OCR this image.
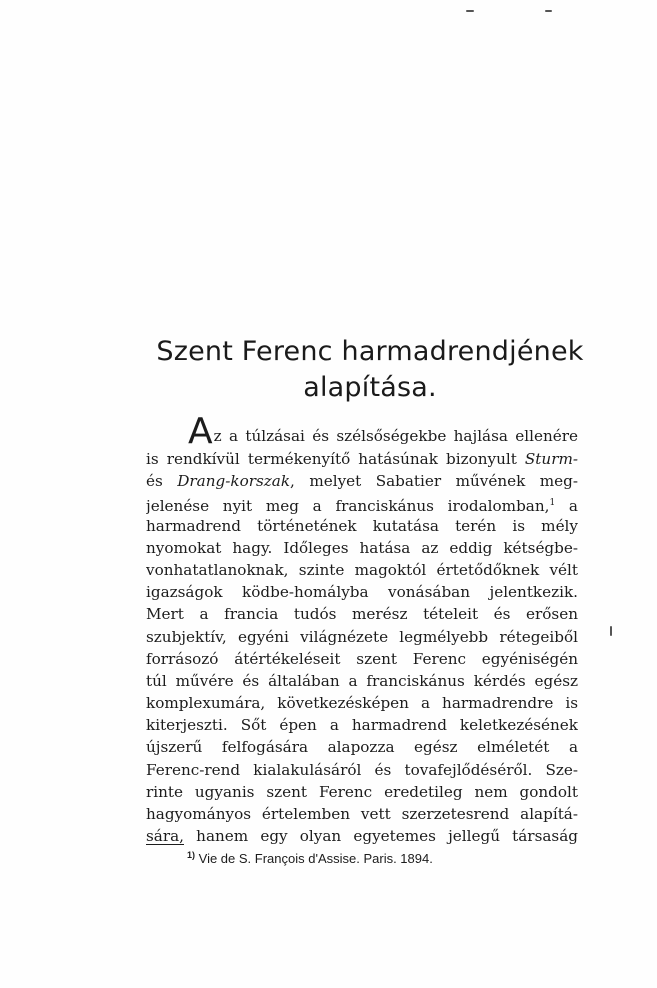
Szent Ferenc harmadrendjének
alapítása.
Az a túlzásai és szélsőségekbe hajlása ellenére
is rendkívül termékenyítő hatásúnak bizonyult Sturm-
és Drang-korszak, melyet Sabatier művének meg-
jelenése nyit meg a franciskánus irodalomban,$^1$ a
harmadrend történetének kutatása terén is mély
nyomokat hagy. Időleges hatása az eddig kétségbe-
vonhatatlanoknak, szinte magoktól értetődőknek vélt
igazságok ködbe-homályba vonásában jelentkezik.
Mert a francia tudós merész tételeit és erősen
szubjektív, egyéni világnézete legmélyebb rétegeiből
forrásozó átértékeléseit szent Ferenc egyéniségén
túl művére és általában a franciskánus kérdés egész
komplexumára, következésképen a harmadrendre is
kiterjeszti. Sőt épen a harmadrend keletkezésének
újszerű felfogására alapozza egész elméletét a
Ferenc-rend kialakulásáról és tovafejlődéséről. Sze-
rinte ugyanis szent Ferenc eredetileg nem gondolt
hagyományos értelemben vett szerzetesrend alapítá-
sára, hanem egy olyan egyetemes jellegű társaság
$^{1)}$ Vie de S. François d'Assise. Paris. 1894.
